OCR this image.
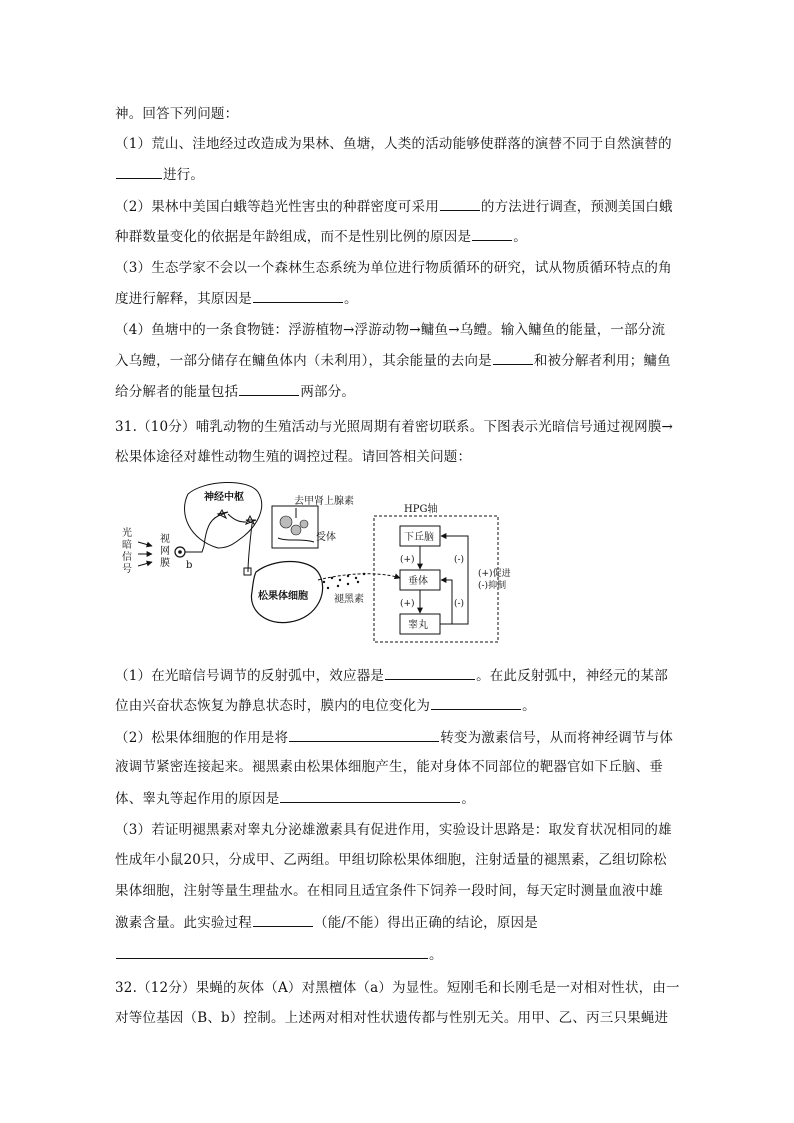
神。回答下列问题：
（1）荒山、洼地经过改造成为果林、鱼塘，人类的活动能够使群落的演替不同于自然演替的
进行。
（2）果林中美国白蛾等趋光性害虫的种群密度可采用	的方法进行调查，预测美国白蛾
种群数量变化的依据是年龄组成，而不是性别比例的原因是	。
（3）生态学家不会以一个森林生态系统为单位进行物质循环的研究，试从物质循环特点的角
度进行解释，其原因是	。
（4）鱼塘中的一条食物链：浮游植物→浮游动物→鳙鱼→乌鳢。输入鳙鱼的能量，一部分流
入乌鳢，一部分储存在鳙鱼体内（未利用），其余能量的去向是	和被分解者利用；鳙鱼
给分解者的能量包括	两部分。
31.（10分）哺乳动物的生殖活动与光照周期有着密切联系。下图表示光暗信号通过视网膜→
松果体途径对雄性动物生殖的调控过程。请回答相关问题：
光
暗
信
号
视
网
膜 b
神经中枢	去甲肾上腺素
受体
松果体细胞	褪黑素
HPG轴
下丘脑
垂体
睾丸
(+)
(+)	(-)
(-)
(+)促进
(-)抑制
（1）在光暗信号调节的反射弧中，效应器是	。在此反射弧中，神经元的某部
位由兴奋状态恢复为静息状态时，膜内的电位变化为	。
（2）松果体细胞的作用是将	转变为激素信号，从而将神经调节与体
液调节紧密连接起来。褪黑素由松果体细胞产生，能对身体不同部位的靶器官如下丘脑、垂
体、睾丸等起作用的原因是	。
（3）若证明褪黑素对睾丸分泌雄激素具有促进作用，实验设计思路是：取发育状况相同的雄
性成年小鼠20只，分成甲、乙两组。甲组切除松果体细胞，注射适量的褪黑素，乙组切除松
果体细胞，注射等量生理盐水。在相同且适宜条件下饲养一段时间，每天定时测量血液中雄
激素含量。此实验过程	（能/不能）得出正确的结论，原因是
。
32.（12分）果蝇的灰体（A）对黑檀体（a）为显性。短刚毛和长刚毛是一对相对性状，由一
对等位基因（B、b）控制。上述两对相对性状遗传都与性别无关。用甲、乙、丙三只果蝇进
